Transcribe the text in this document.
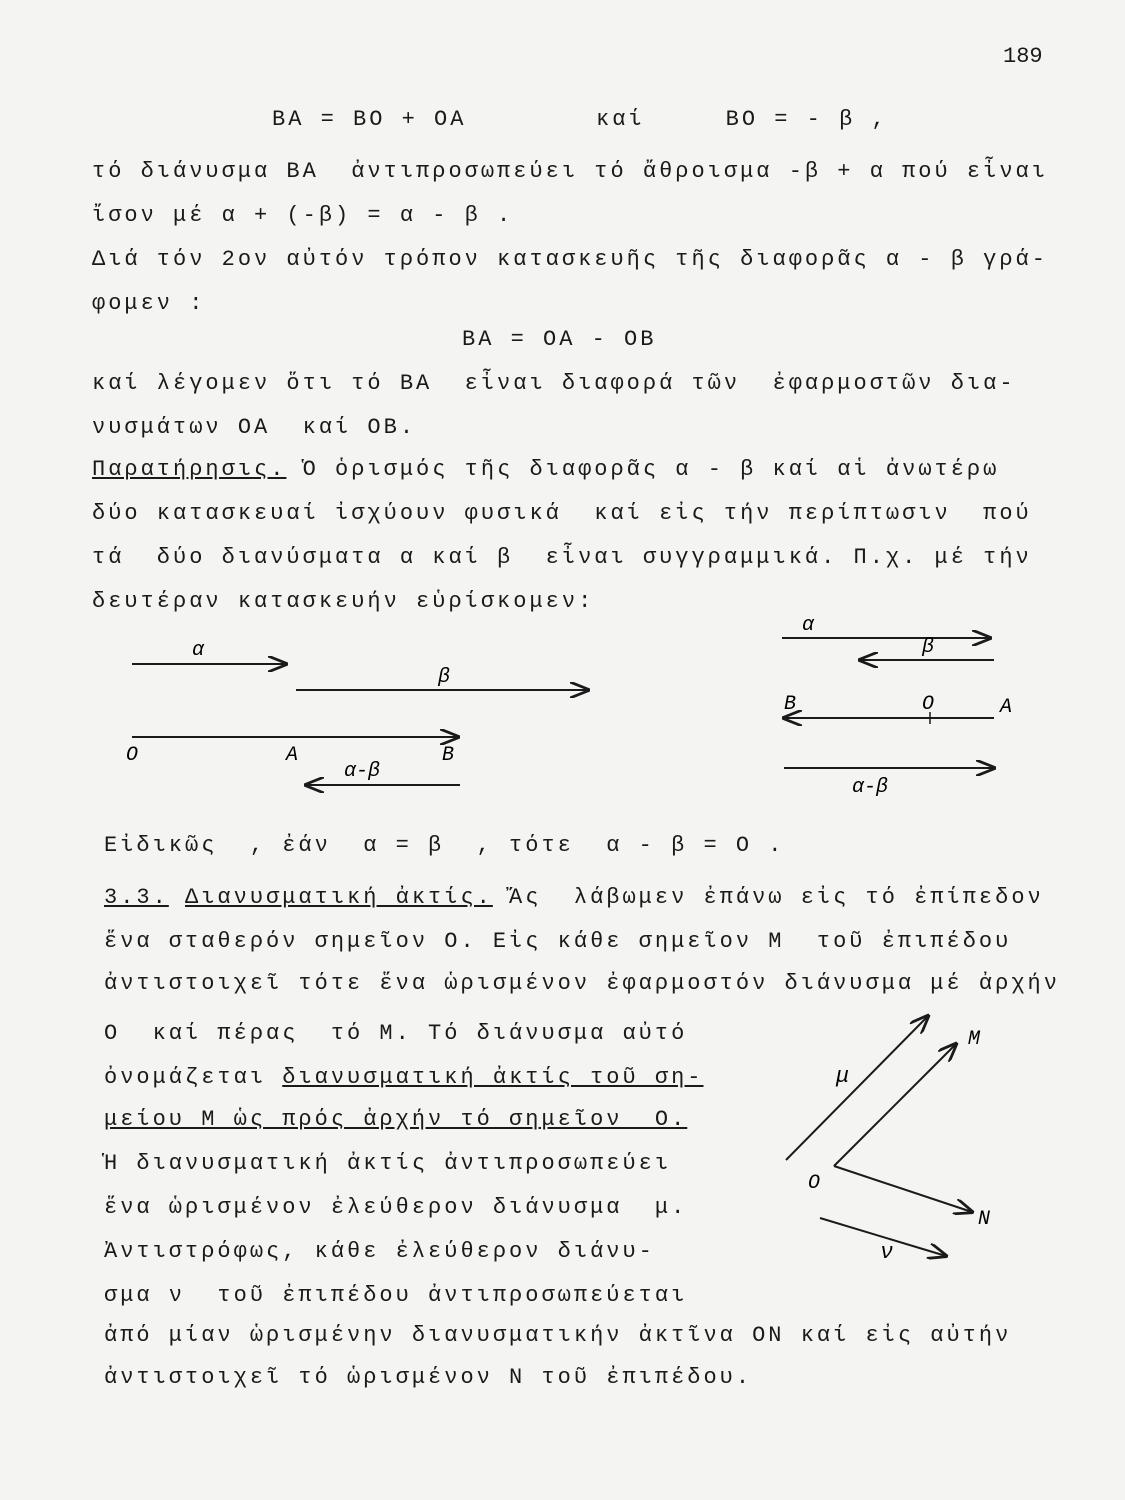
189
BA = BO + OA        καί     BO = - β ,
τό διάνυσμα BA  ἀντιπροσωπεύει τό ἄθροισμα -β + α πού εἶναι
ἴσον μέ α + (-β) = α - β .
Διά τόν 2ον αὐτόν τρόπον κατασκευῆς τῆς διαφορᾶς α - β γρά-
φομεν :
BA = OA - OB
καί λέγομεν ὅτι τό BA  εἶναι διαφορά τῶν  ἐφαρμοστῶν δια-
νυσμάτων OA  καί OB.
Παρατήρησις. Ὁ ὁρισμός τῆς διαφορᾶς α - β καί αἱ ἀνωτέρω
δύο κατασκευαί ἰσχύουν φυσικά  καί εἰς τήν περίπτωσιν  πού
τά  δύο διανύσματα α καί β  εἶναι συγγραμμικά. Π.χ. μέ τήν
δευτέραν κατασκευήν εὑρίσκομεν:
α
β
O	A	B
α-β
α
β
B	O	A
α-β
Εἰδικῶς  , ἐάν  α = β  , τότε  α - β = O .
3.3. Διανυσματική ἀκτίς. Ἄς  λάβωμεν ἐπάνω εἰς τό ἐπίπεδον
ἕνα σταθερόν σημεῖον O. Εἰς κάθε σημεῖον M  τοῦ ἐπιπέδου
ἀντιστοιχεῖ τότε ἕνα ὡρισμένον ἐφαρμοστόν διάνυσμα μέ ἀρχήν
O  καί πέρας  τό M. Τό διάνυσμα αὐτό
ὀνομάζεται διανυσματική ἀκτίς τοῦ ση-
μείου M ὡς πρός ἀρχήν τό σημεῖον  O.
Ἡ διανυσματική ἀκτίς ἀντιπροσωπεύει
ἕνα ὡρισμένον ἐλεύθερον διάνυσμα  μ.
Ἀντιστρόφως, κάθε ἐλεύθερον διάνυ-
σμα ν  τοῦ ἐπιπέδου ἀντιπροσωπεύεται
ἀπό μίαν ὡρισμένην διανυσματικήν ἀκτῖνα ON καί εἰς αὐτήν
ἀντιστοιχεῖ τό ὡρισμένον N τοῦ ἐπιπέδου.
M
μ
O
N
ν
